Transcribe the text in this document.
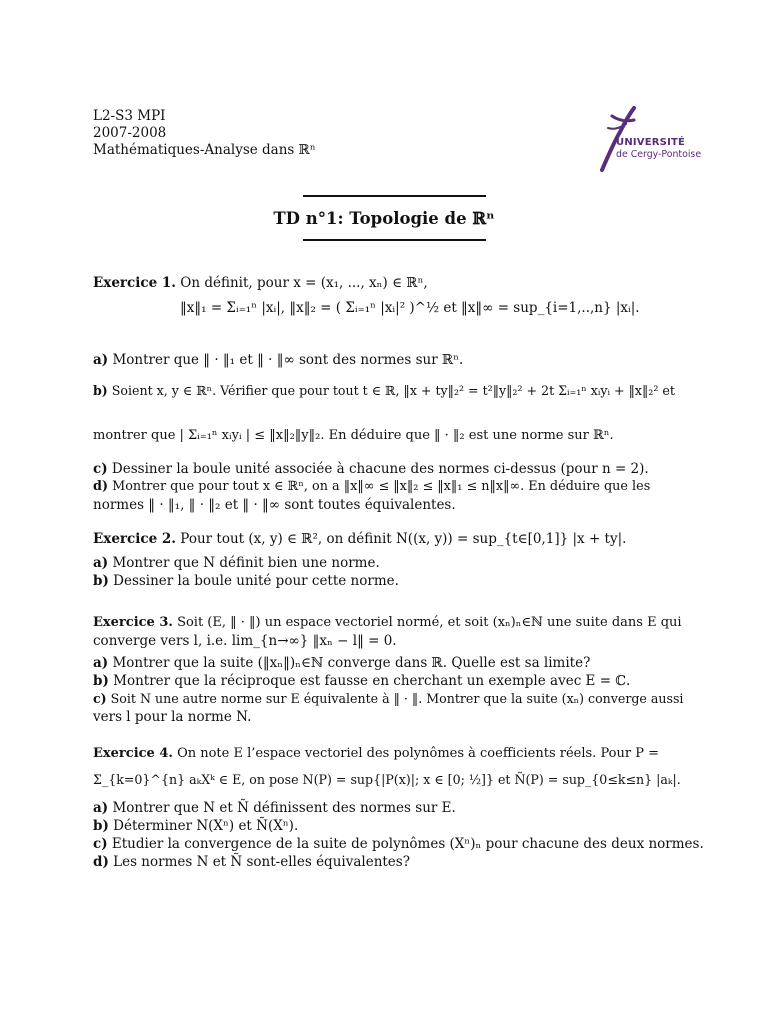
L2-S3 MPI
2007-2008
Mathématiques-Analyse dans ℝⁿ	UNIVERSITÉ
de Cergy-Pontoise
TD n°1: Topologie de ℝⁿ
Exercice 1. On définit, pour x = (x₁, ..., xₙ) ∈ ℝⁿ,
‖x‖₁ = Σᵢ₌₁ⁿ |xᵢ|, ‖x‖₂ = ( Σᵢ₌₁ⁿ |xᵢ|² )^½ et ‖x‖∞ = sup_{i=1,..,n} |xᵢ|.
a) Montrer que ‖ · ‖₁ et ‖ · ‖∞ sont des normes sur ℝⁿ.
b) Soient x, y ∈ ℝⁿ. Vérifier que pour tout t ∈ ℝ, ‖x + ty‖₂² = t²‖y‖₂² + 2t Σᵢ₌₁ⁿ xᵢyᵢ + ‖x‖₂² et
montrer que | Σᵢ₌₁ⁿ xᵢyᵢ | ≤ ‖x‖₂‖y‖₂. En déduire que ‖ · ‖₂ est une norme sur ℝⁿ.
c) Dessiner la boule unité associée à chacune des normes ci-dessus (pour n = 2).
d) Montrer que pour tout x ∈ ℝⁿ, on a ‖x‖∞ ≤ ‖x‖₂ ≤ ‖x‖₁ ≤ n‖x‖∞. En déduire que les
normes ‖ · ‖₁, ‖ · ‖₂ et ‖ · ‖∞ sont toutes équivalentes.
Exercice 2. Pour tout (x, y) ∈ ℝ², on définit N((x, y)) = sup_{t∈[0,1]} |x + ty|.
a) Montrer que N définit bien une norme.
b) Dessiner la boule unité pour cette norme.
Exercice 3. Soit (E, ‖ · ‖) un espace vectoriel normé, et soit (xₙ)ₙ∈ℕ une suite dans E qui
converge vers l, i.e. lim_{n→∞} ‖xₙ − l‖ = 0.
a) Montrer que la suite (‖xₙ‖)ₙ∈ℕ converge dans ℝ. Quelle est sa limite?
b) Montrer que la réciproque est fausse en cherchant un exemple avec E = ℂ.
c) Soit N une autre norme sur E équivalente à ‖ · ‖. Montrer que la suite (xₙ) converge aussi
vers l pour la norme N.
Exercice 4. On note E l’espace vectoriel des polynômes à coefficients réels. Pour P =
Σ_{k=0}^{n} aₖXᵏ ∈ E, on pose N(P) = sup{|P(x)|; x ∈ [0; ½]} et Ñ(P) = sup_{0≤k≤n} |aₖ|.
a) Montrer que N et Ñ définissent des normes sur E.
b) Déterminer N(Xⁿ) et Ñ(Xⁿ).
c) Etudier la convergence de la suite de polynômes (Xⁿ)ₙ pour chacune des deux normes.
d) Les normes N et Ñ sont-elles équivalentes?
